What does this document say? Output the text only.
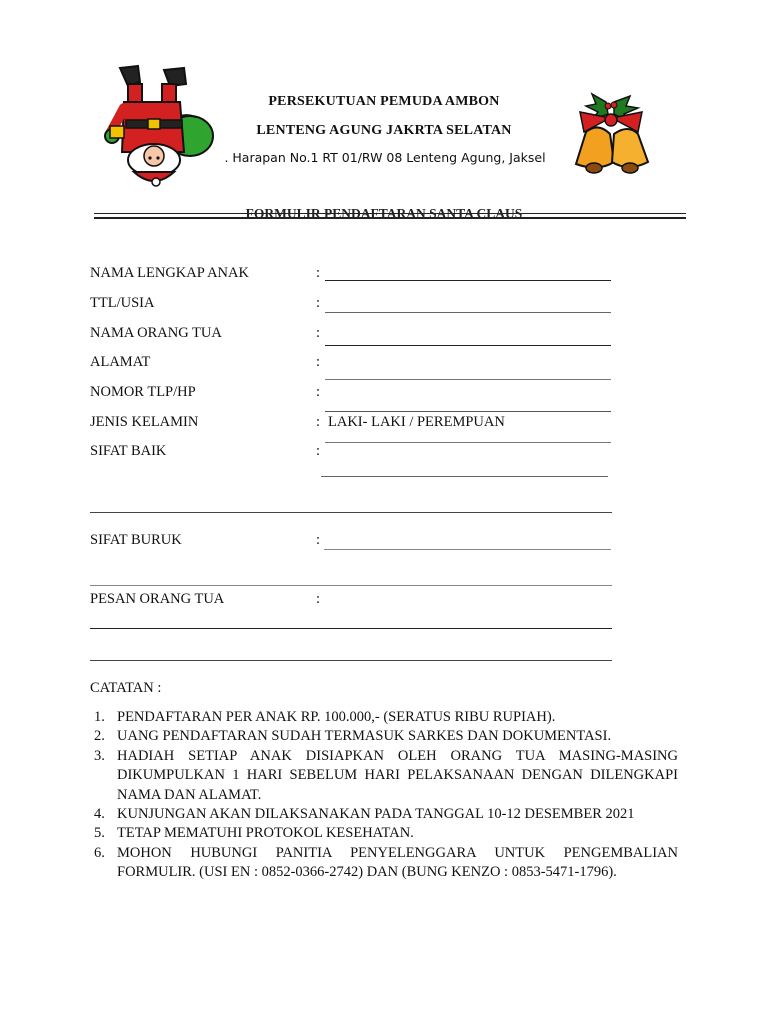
PERSEKUTUAN PEMUDA AMBON
LENTENG AGUNG JAKRTA SELATAN
. Harapan No.1 RT 01/RW 08 Lenteng Agung, Jaksel
FORMULIR PENDAFTARAN SANTA CLAUS
NAMA LENGKAP ANAK	:
TTL/USIA	:
NAMA ORANG TUA	:
ALAMAT	:
NOMOR TLP/HP	:
JENIS KELAMIN	: LAKI- LAKI / PEREMPUAN
SIFAT BAIK	:
SIFAT BURUK	:
PESAN ORANG TUA	:
CATATAN :
1. PENDAFTARAN PER ANAK RP. 100.000,- (SERATUS RIBU RUPIAH).
2. UANG PENDAFTARAN SUDAH TERMASUK SARKES DAN DOKUMENTASI.
3. HADIAH SETIAP ANAK DISIAPKAN OLEH ORANG TUA MASING-MASING DIKUMPULKAN 1 HARI SEBELUM HARI PELAKSANAAN DENGAN DILENGKAPI NAMA DAN ALAMAT.
4. KUNJUNGAN AKAN DILAKSANAKAN PADA TANGGAL 10-12 DESEMBER 2021
5. TETAP MEMATUHI PROTOKOL KESEHATAN.
6. MOHON HUBUNGI PANITIA PENYELENGGARA UNTUK PENGEMBALIAN FORMULIR. (USI EN : 0852-0366-2742) DAN (BUNG KENZO : 0853-5471-1796).
